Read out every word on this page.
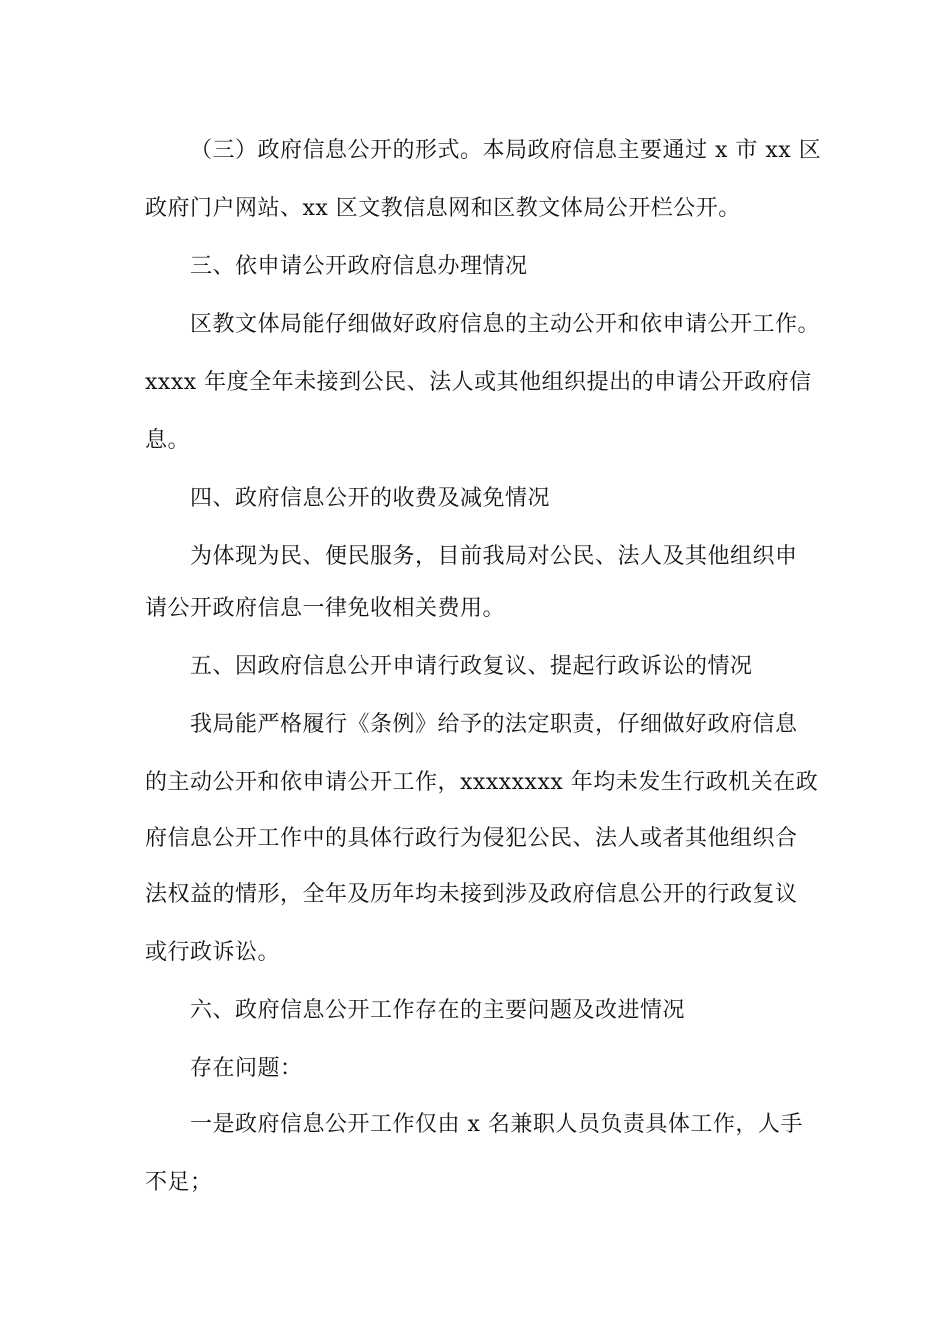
（三）政府信息公开的形式。本局政府信息主要通过 x 市 xx 区
政府门户网站、xx 区文教信息网和区教文体局公开栏公开。
三、依申请公开政府信息办理情况
区教文体局能仔细做好政府信息的主动公开和依申请公开工作。
xxxx 年度全年未接到公民、法人或其他组织提出的申请公开政府信
息。
四、政府信息公开的收费及减免情况
为体现为民、便民服务，目前我局对公民、法人及其他组织申
请公开政府信息一律免收相关费用。
五、因政府信息公开申请行政复议、提起行政诉讼的情况
我局能严格履行《条例》给予的法定职责，仔细做好政府信息
的主动公开和依申请公开工作，xxxxxxxx 年均未发生行政机关在政
府信息公开工作中的具体行政行为侵犯公民、法人或者其他组织合
法权益的情形，全年及历年均未接到涉及政府信息公开的行政复议
或行政诉讼。
六、政府信息公开工作存在的主要问题及改进情况
存在问题：
一是政府信息公开工作仅由 x 名兼职人员负责具体工作，人手
不足；
